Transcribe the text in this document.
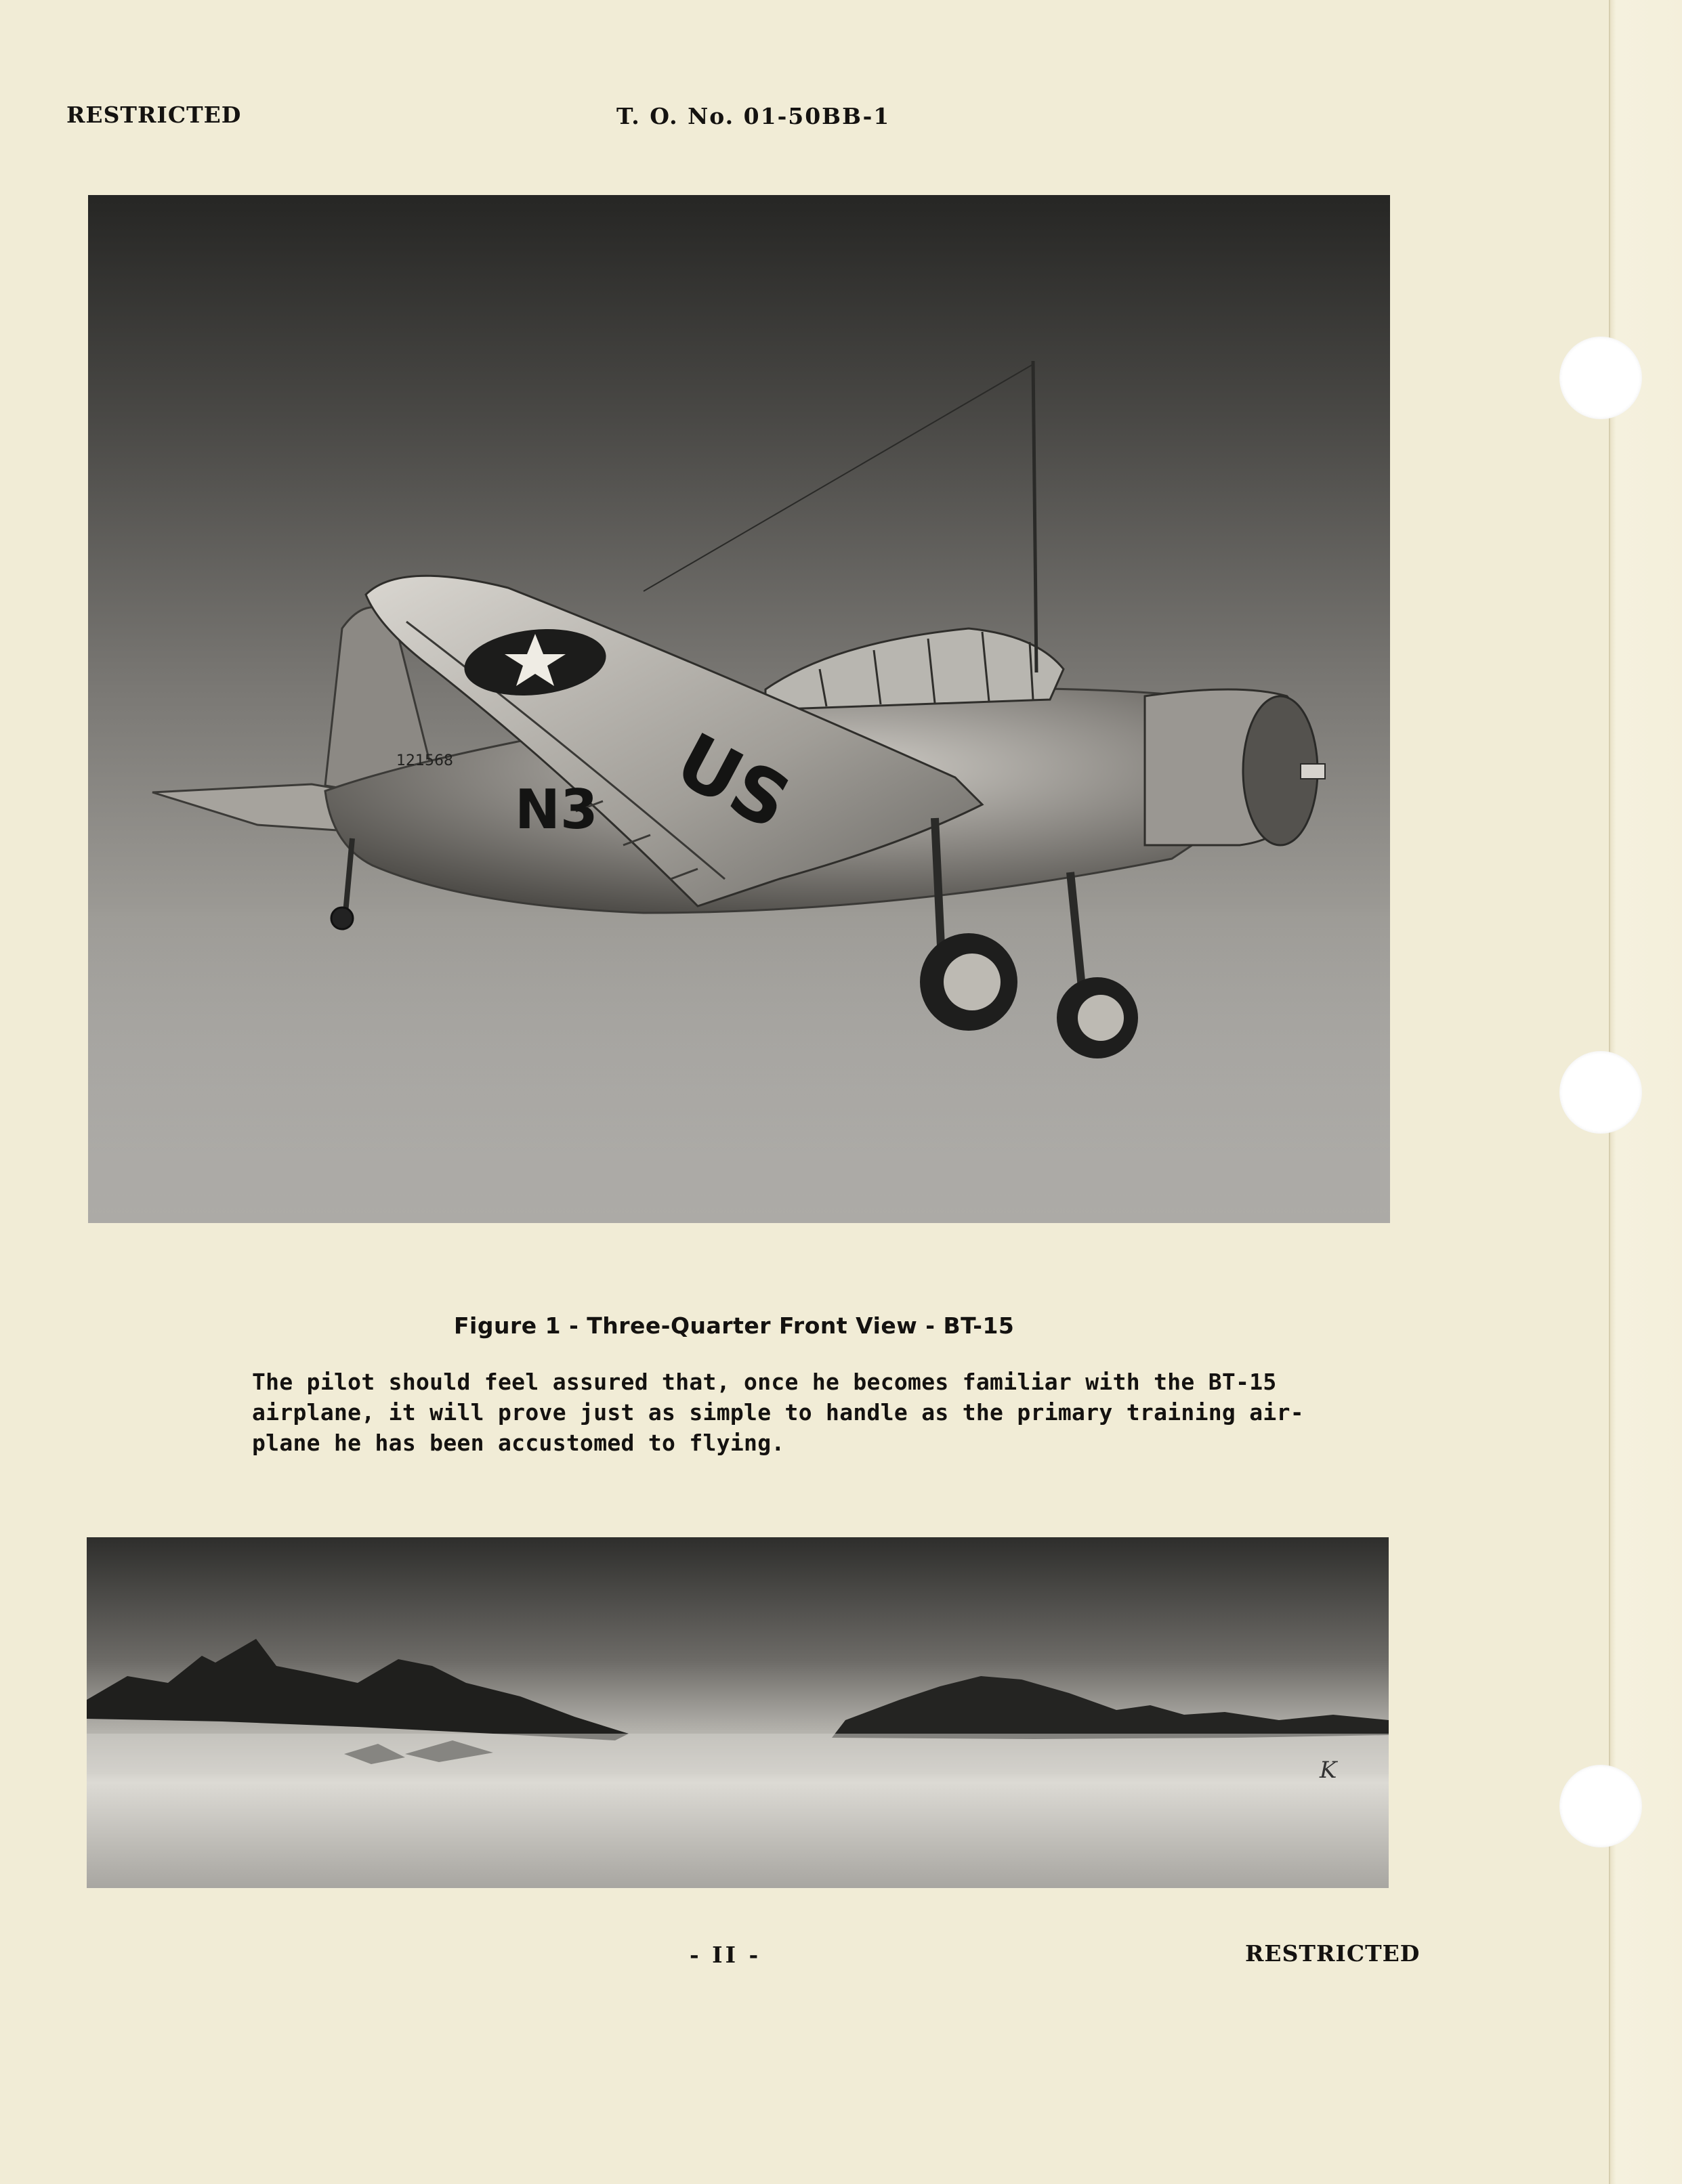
RESTRICTED	T. O. No. 01-50BB-1
US
N3
121568
Figure 1 - Three-Quarter Front View - BT-15
The pilot should feel assured that, once he becomes familiar with the BT-15
airplane, it will prove just as simple to handle as the primary training air-
plane he has been accustomed to flying.
K
- II -	RESTRICTED
